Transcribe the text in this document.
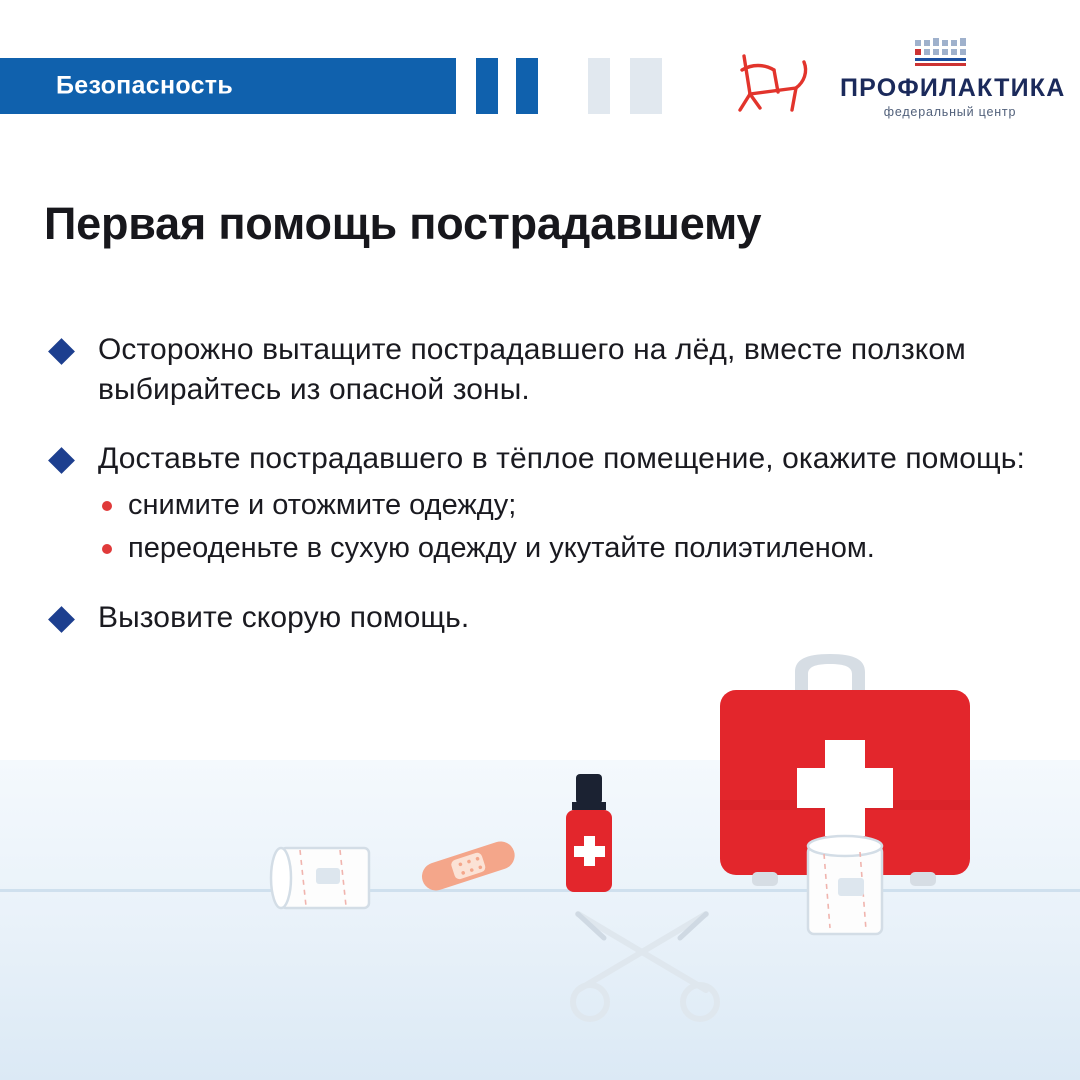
Безопасность	ПРОФИЛАКТИКА
федеральный центр
Первая помощь пострадавшему

Осторожно вытащите пострадавшего на лёд, вместе ползком выбирайтесь из опасной зоны.

Доставьте пострадавшего в тёплое помещение, окажите помощь:

снимите и отожмите одежду;
переоденьте в сухую одежду и укутайте полиэтиленом.

Вызовите скорую помощь.
